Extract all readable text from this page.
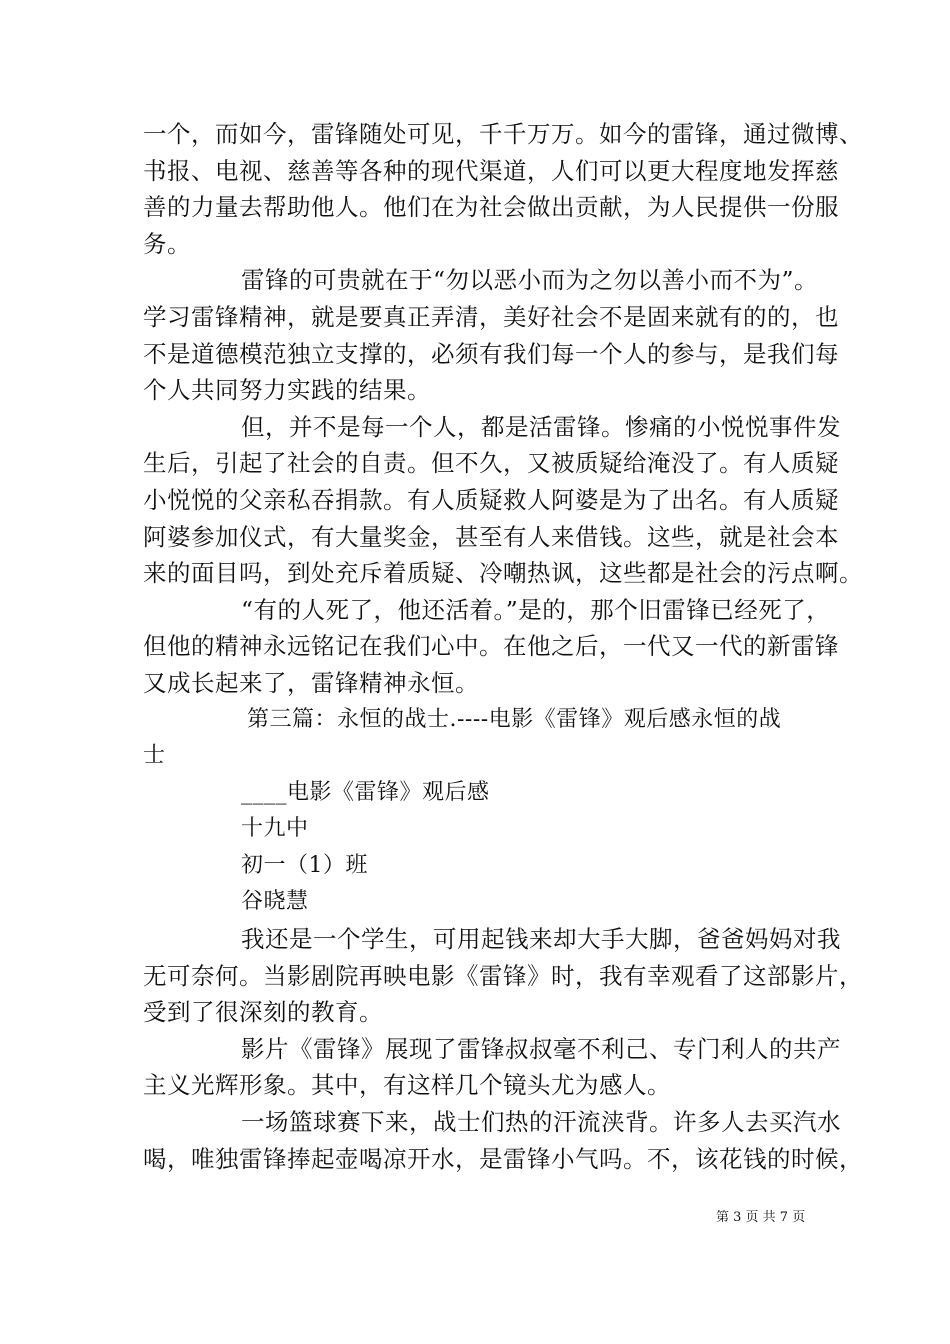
一个，而如今，雷锋随处可见，千千万万。如今的雷锋，通过微博、
书报、电视、慈善等各种的现代渠道，人们可以更大程度地发挥慈
善的力量去帮助他人。他们在为社会做出贡献，为人民提供一份服
务。
雷锋的可贵就在于“勿以恶小而为之勿以善小而不为”。
学习雷锋精神，就是要真正弄清，美好社会不是固来就有的的，也
不是道德模范独立支撑的，必须有我们每一个人的参与，是我们每
个人共同努力实践的结果。
但，并不是每一个人，都是活雷锋。惨痛的小悦悦事件发
生后，引起了社会的自责。但不久，又被质疑给淹没了。有人质疑
小悦悦的父亲私吞捐款。有人质疑救人阿婆是为了出名。有人质疑
阿婆参加仪式，有大量奖金，甚至有人来借钱。这些，就是社会本
来的面目吗，到处充斥着质疑、冷嘲热讽，这些都是社会的污点啊。
“有的人死了，他还活着。”是的，那个旧雷锋已经死了，
但他的精神永远铭记在我们心中。在他之后，一代又一代的新雷锋
又成长起来了，雷锋精神永恒。
第三篇：永恒的战士.----电影《雷锋》观后感永恒的战
士
____电影《雷锋》观后感
十九中
初一（1）班
谷晓慧
我还是一个学生，可用起钱来却大手大脚，爸爸妈妈对我
无可奈何。当影剧院再映电影《雷锋》时，我有幸观看了这部影片，
受到了很深刻的教育。
影片《雷锋》展现了雷锋叔叔毫不利己、专门利人的共产
主义光辉形象。其中，有这样几个镜头尤为感人。
一场篮球赛下来，战士们热的汗流浃背。许多人去买汽水
喝，唯独雷锋捧起壶喝凉开水，是雷锋小气吗。不，该花钱的时候，
第 3 页 共 7 页
